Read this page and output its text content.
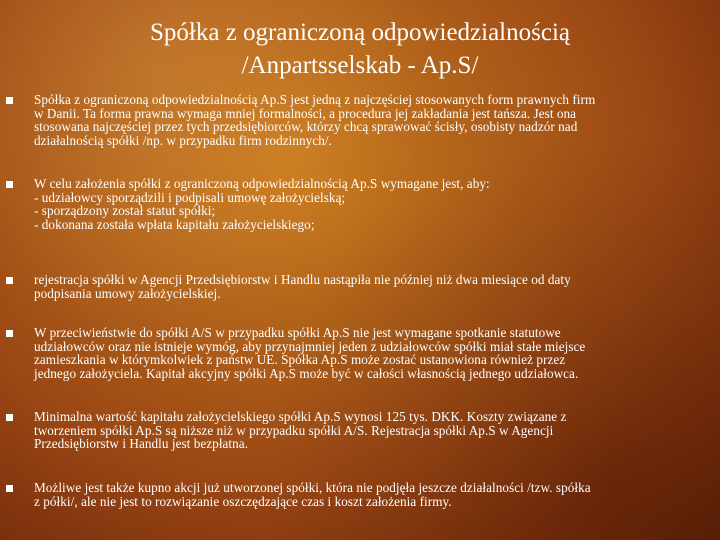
Spółka z ograniczoną odpowiedzialnością
/Anpartsselskab - Ap.S/
Spółka z ograniczoną odpowiedzialnością Ap.S jest jedną z najczęściej stosowanych form prawnych firm
w Danii. Ta forma prawna wymaga mniej formalności, a procedura jej zakładania jest tańsza. Jest ona
stosowana najczęściej przez tych przedsiębiorców, którzy chcą sprawować ścisły, osobisty nadzór nad
działalnością spółki /np. w przypadku firm rodzinnych/.
W celu założenia spółki z ograniczoną odpowiedzialnością Ap.S wymagane jest, aby:
- udziałowcy sporządzili i podpisali umowę założycielską;
- sporządzony został statut spółki;
- dokonana została wpłata kapitału założycielskiego;
rejestracja spółki w Agencji Przedsiębiorstw i Handlu nastąpiła nie później niż dwa miesiące od daty
podpisania umowy założycielskiej.
W przeciwieństwie do spółki A/S w przypadku spółki Ap.S nie jest wymagane spotkanie statutowe
udziałowców oraz nie istnieje wymóg, aby przynajmniej jeden z udziałowców spółki miał stałe miejsce
zamieszkania w którymkolwiek z państw UE. Spółka Ap.S może zostać ustanowiona również przez
jednego założyciela. Kapitał akcyjny spółki Ap.S może być w całości własnością jednego udziałowca.
Minimalna wartość kapitału założycielskiego spółki Ap.S wynosi 125 tys. DKK. Koszty związane z
tworzeniem spółki Ap.S są niższe niż w przypadku spółki A/S. Rejestracja spółki Ap.S w Agencji
Przedsiębiorstw i Handlu jest bezpłatna.
Możliwe jest także kupno akcji już utworzonej spółki, która nie podjęła jeszcze działalności /tzw. spółka
z półki/, ale nie jest to rozwiązanie oszczędzające czas i koszt założenia firmy.
